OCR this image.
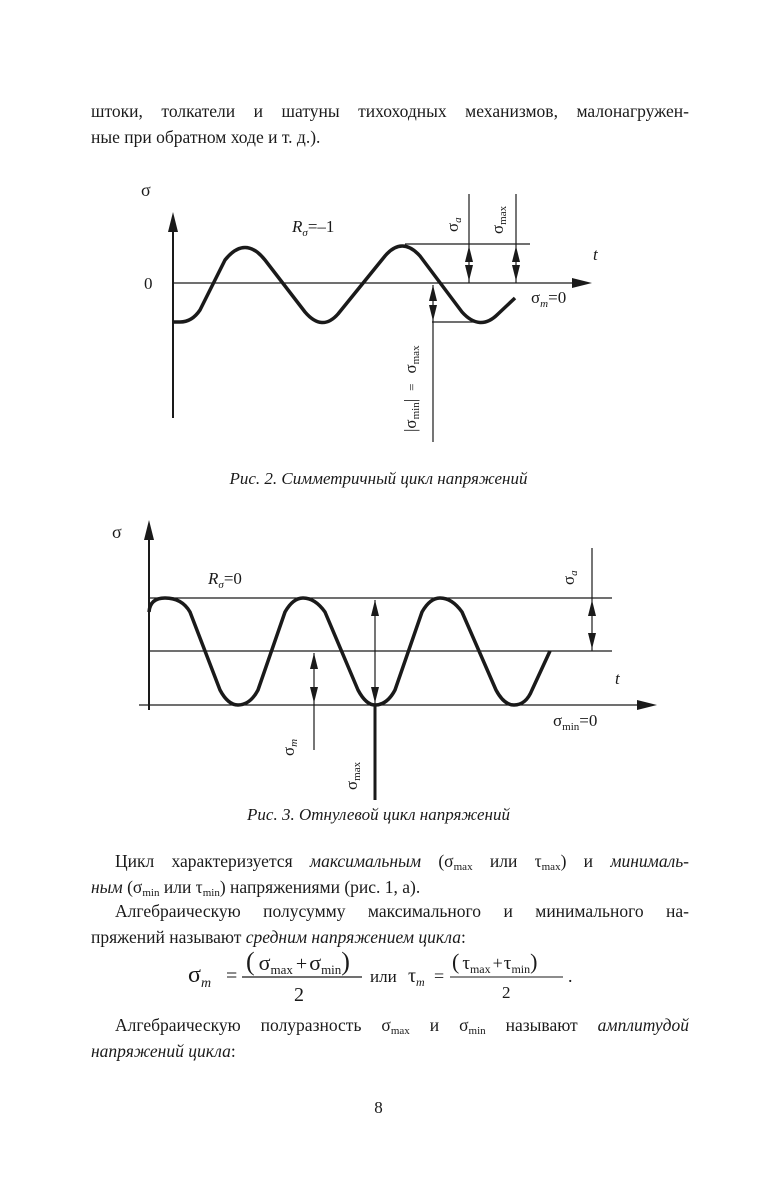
штоки, толкатели и шатуны тихоходных механизмов, малонагружен-
ные при обратном ходе и т. д.).
σ
0
t
$R_\sigma=-1$	σa
σmax
$\sigma_m=0$
|σmin|=σmax
Рис. 2. Симметричный цикл напряжений
σ
$R_\sigma=0$	σa
t
$\sigma_{min}=0$
σm
σmax
Рис. 3. Отнулевой цикл напряжений
Цикл характеризуется максимальным ($\sigma_{max}$ или $\tau_{max}$) и минималь-
ным ($\sigma_{min}$ или $\tau_{min}$) напряжениями (рис. 1, а).
Алгебраическую полусумму максимального и минимального на-
пряжений называют средним напряжением цикла:
$\sigma_m$ = ( σmax +σmin)
2
или $\tau_m$ =
( $\tau_{max} +\tau_{min}$)
2
.
Алгебраическую полуразность $\sigma_{max}$ и $\sigma_{min}$ называют амплитудой
напряжений цикла:
8
